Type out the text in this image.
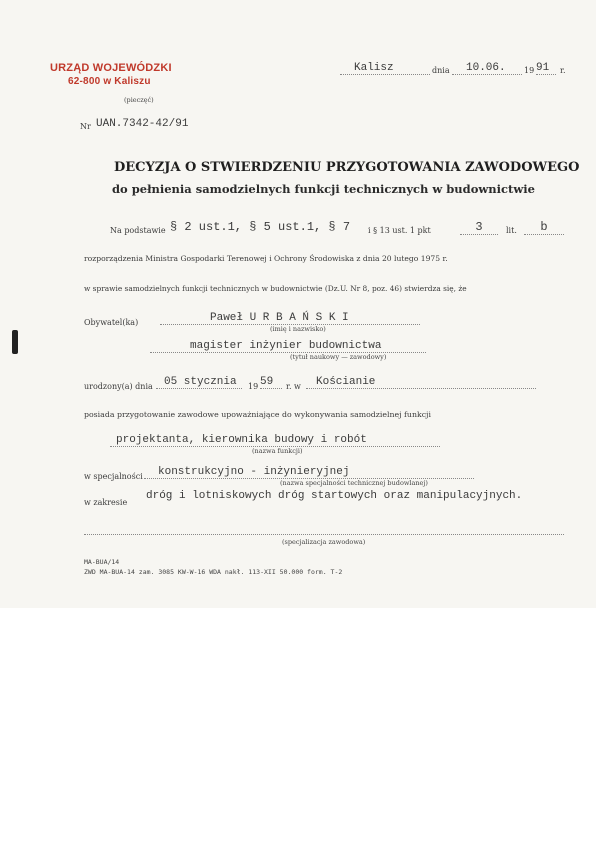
URZĄD WOJEWÓDZKI
62-800 w Kaliszu
(pieczęć)
Kalisz	dnia	10.06.	19 91	r.
Nr UAN.7342-42/91
DECYZJA O STWIERDZENIU PRZYGOTOWANIA ZAWODOWEGO
do pełnienia samodzielnych funkcji technicznych w budownictwie
Na podstawie § 2 ust.1, § 5 ust.1, § 7 i § 13 ust. 1 pkt	3	lit.	b
rozporządzenia Ministra Gospodarki Terenowej i Ochrony Środowiska z dnia 20 lutego 1975 r.
w sprawie samodzielnych funkcji technicznych w budownictwie (Dz.U. Nr 8, poz. 46) stwierdza się, że
Obywatel(ka)	Paweł U R B A Ń S K I
(imię i nazwisko)
magister inżynier budownictwa
(tytuł naukowy — zawodowy)
urodzony(a) dnia	05 stycznia	19 59	r. w	Kościanie
posiada przygotowanie zawodowe upoważniające do wykonywania samodzielnej funkcji
projektanta, kierownika budowy i robót
(nazwa funkcji)
w specjalności	konstrukcyjno - inżynieryjnej
(nazwa specjalności technicznej budowlanej)
w zakresie
dróg i lotniskowych dróg startowych oraz manipulacyjnych.
(specjalizacja zawodowa)
MA-BUA/14
ZWD MA-BUA-14 zam. 3085 KW-W-16 WDA nakł. 113-XII 50.000 form. T-2
